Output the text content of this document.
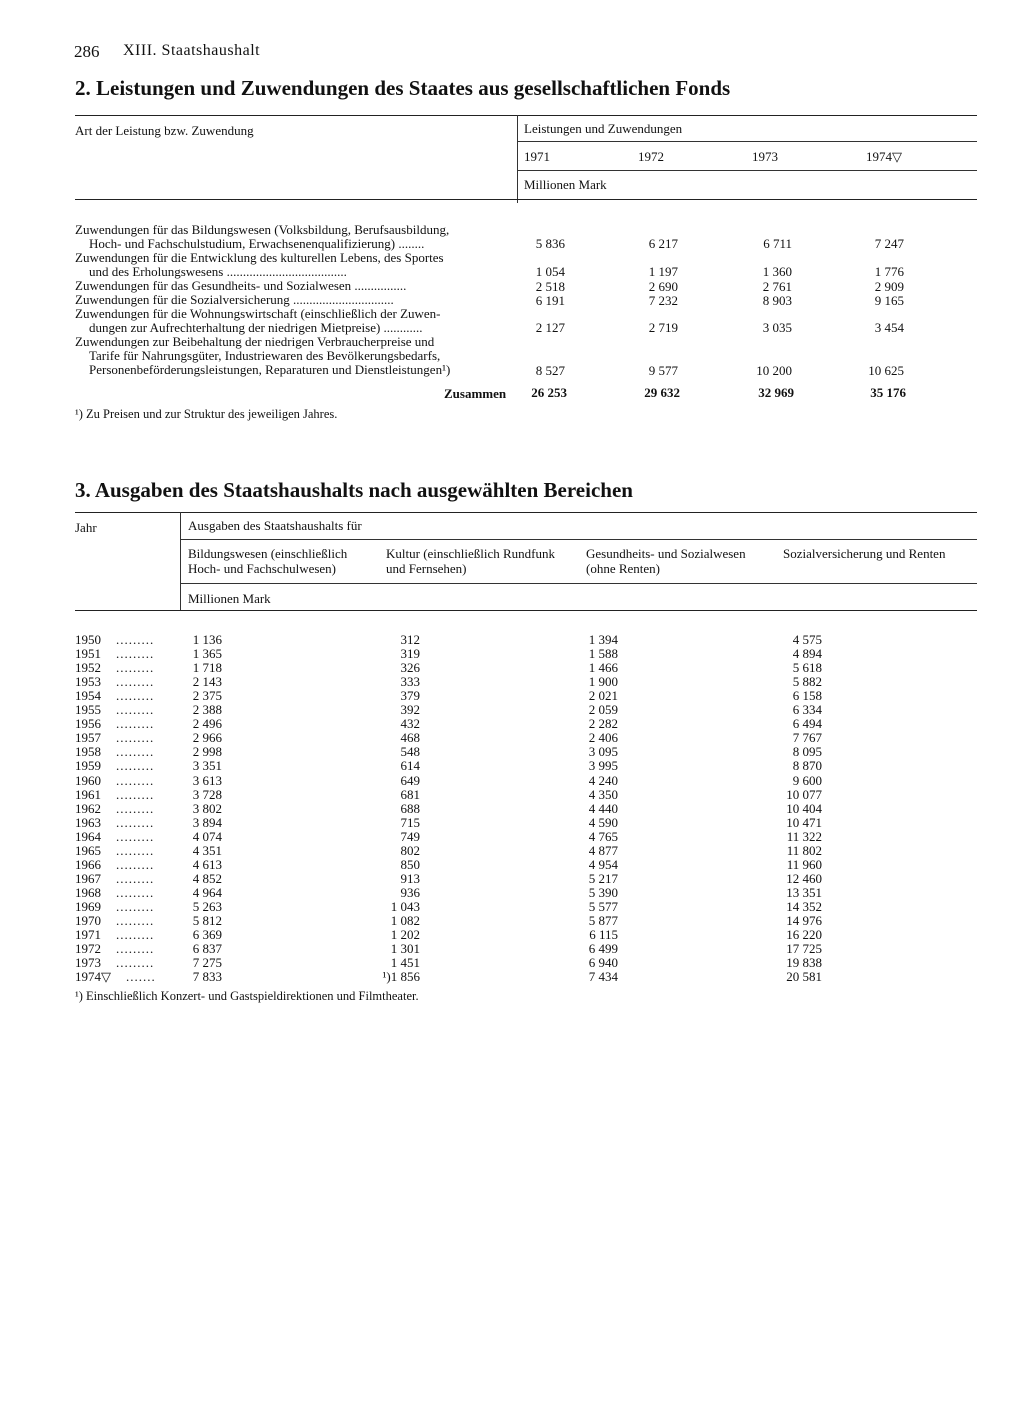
286 XIII. Staatshaushalt
2. Leistungen und Zuwendungen des Staates aus gesellschaftlichen Fonds
Art der Leistung bzw. Zuwendung	Leistungen und Zuwendungen
1971	1972	1973	1974▽
Millionen Mark
Zuwendungen für das Bildungswesen (Volksbildung, Berufsausbildung,
Hoch- und Fachschulstudium, Erwachsenenqualifizierung) ........	5 836	6 217	6 711	7 247
Zuwendungen für die Entwicklung des kulturellen Lebens, des Sportes
und des Erholungswesens .....................................	1 054	1 197	1 360	1 776
Zuwendungen für das Gesundheits- und Sozialwesen ................	2 518	2 690	2 761	2 909
Zuwendungen für die Sozialversicherung ...............................	6 191	7 232	8 903	9 165
Zuwendungen für die Wohnungswirtschaft (einschließlich der Zuwen-
dungen zur Aufrechterhaltung der niedrigen Mietpreise) ............	2 127	2 719	3 035	3 454
Zuwendungen zur Beibehaltung der niedrigen Verbraucherpreise und
Tarife für Nahrungsgüter, Industriewaren des Bevölkerungsbedarfs,
Personenbeförderungsleistungen, Reparaturen und Dienstleistungen¹)	8 527	9 577	10 200	10 625
Zusammen	26 253	29 632	32 969	35 176
¹) Zu Preisen und zur Struktur des jeweiligen Jahres.
3. Ausgaben des Staatshaushalts nach ausgewählten Bereichen
Jahr	Ausgaben des Staatshaushalts für
Bildungswesen (einschließlich Hoch- und Fachschulwesen)
Kultur (einschließlich Rundfunk und Fernsehen)
Gesundheits- und Sozialwesen (ohne Renten)
Sozialversicherung und Renten
Millionen Mark
1950 .........	1 136	312	1 394	4 575
1951 .........	1 365	319	1 588	4 894
1952 .........	1 718	326	1 466	5 618
1953 .........	2 143	333	1 900	5 882
1954 .........	2 375	379	2 021	6 158
1955 .........	2 388	392	2 059	6 334
1956 .........	2 496	432	2 282	6 494
1957 .........	2 966	468	2 406	7 767
1958 .........	2 998	548	3 095	8 095
1959 .........	3 351	614	3 995	8 870
1960 .........	3 613	649	4 240	9 600
1961 .........	3 728	681	4 350	10 077
1962 .........	3 802	688	4 440	10 404
1963 .........	3 894	715	4 590	10 471
1964 .........	4 074	749	4 765	11 322
1965 .........	4 351	802	4 877	11 802
1966 .........	4 613	850	4 954	11 960
1967 .........	4 852	913	5 217	12 460
1968 .........	4 964	936	5 390	13 351
1969 .........	5 263	1 043	5 577	14 352
1970 .........	5 812	1 082	5 877	14 976
1971 .........	6 369	1 202	6 115	16 220
1972 .........	6 837	1 301	6 499	17 725
1973 .........	7 275	1 451	6 940	19 838
1974▽ .......	7 833	¹)1 856	7 434	20 581
¹) Einschließlich Konzert- und Gastspieldirektionen und Filmtheater.
